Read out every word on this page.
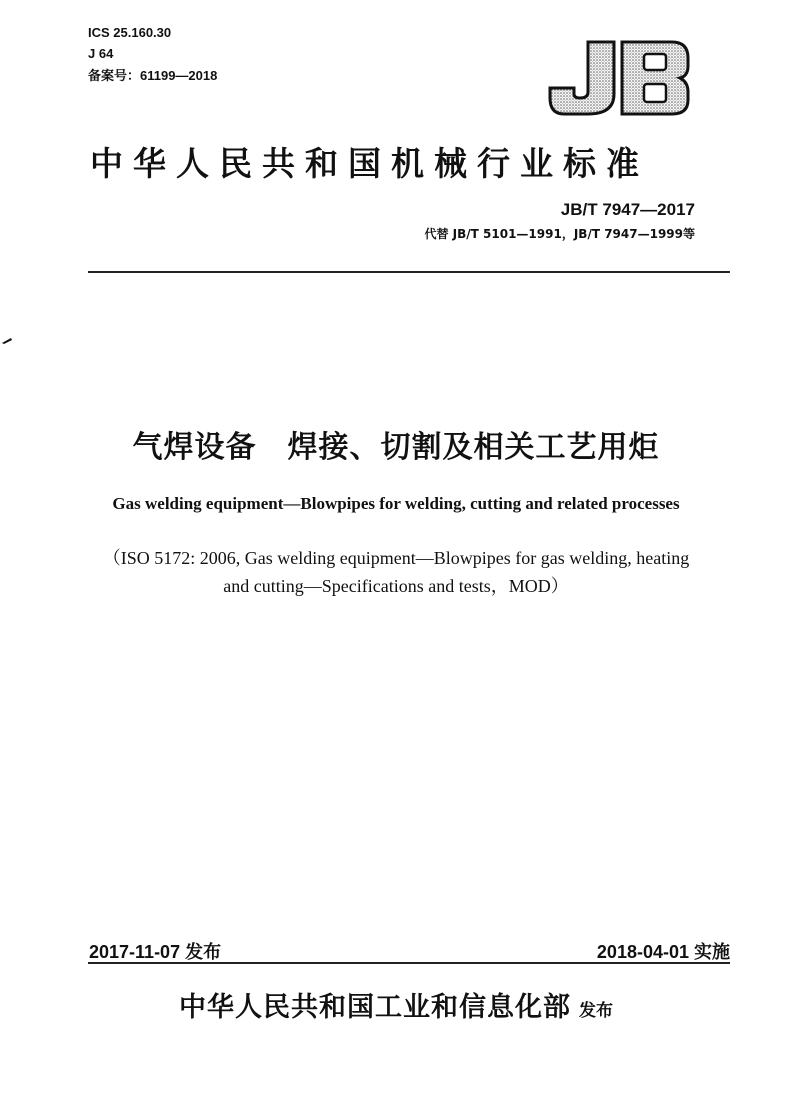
ICS 25.160.30
J 64
备案号：61199—2018
中华人民共和国机械行业标准
JB/T 7947—2017
代替 JB/T 5101—1991，JB/T 7947—1999等
气焊设备　焊接、切割及相关工艺用炬
Gas welding equipment—Blowpipes for welding, cutting and related processes
（ISO 5172: 2006, Gas welding equipment—Blowpipes for gas welding, heating
and cutting—Specifications and tests，MOD）
2017-11-07 发布	2018-04-01 实施
中华人民共和国工业和信息化部 发布
